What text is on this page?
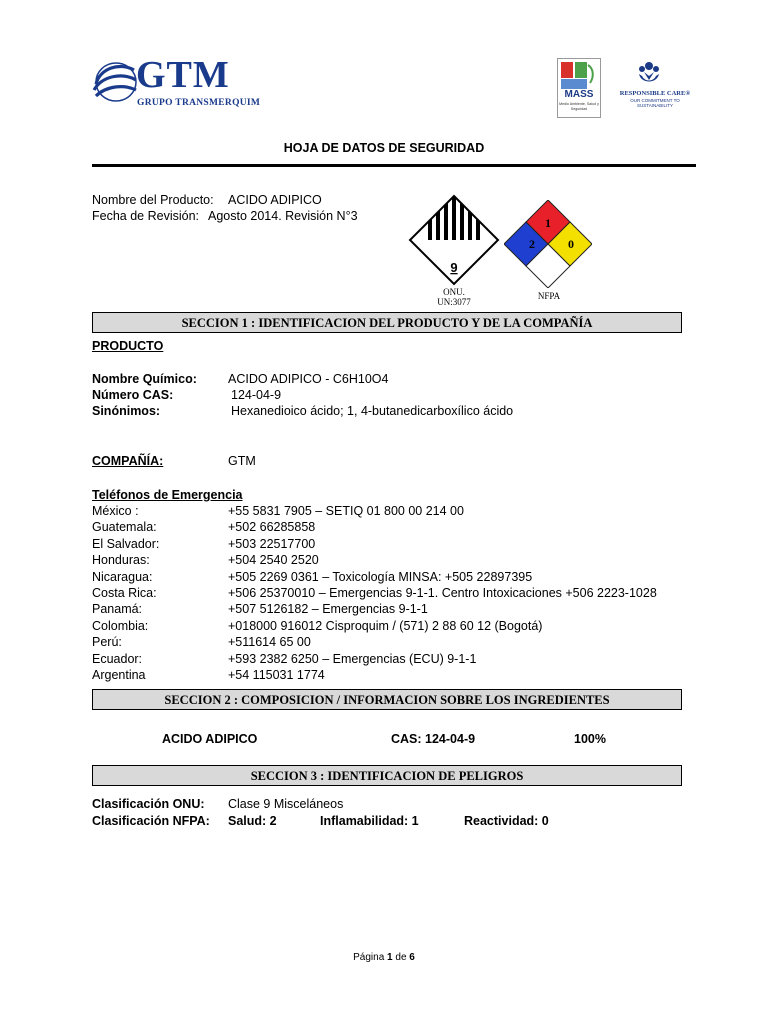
GTM
GRUPO TRANSMERQUIM
MASS
Medio Ambiente, Salud y Seguridad
RESPONSIBLE CARE®
OUR COMMITMENT TO SUSTAINABILITY
HOJA DE DATOS DE SEGURIDAD
Nombre del Producto: ACIDO ADIPICO
Fecha de Revisión: Agosto 2014. Revisión N°3
9
ONU.
UN:3077
1
2	0
NFPA
SECCION 1 : IDENTIFICACION DEL PRODUCTO Y DE LA COMPAÑÍA
PRODUCTO
Nombre Químico: ACIDO ADIPICO - C6H10O4
Número CAS:	124-04-9
Sinónimos:	Hexanedioico ácido; 1, 4-butanedicarboxílico ácido
COMPAÑÍA:	GTM
Teléfonos de Emergencia
México :	+55 5831 7905 – SETIQ 01 800 00 214 00
Guatemala:	+502 66285858
El Salvador:	+503 22517700
Honduras:	+504 2540 2520
Nicaragua:	+505 2269 0361 – Toxicología MINSA: +505 22897395
Costa Rica:	+506 25370010 – Emergencias 9-1-1. Centro Intoxicaciones +506 2223-1028
Panamá:	+507 5126182 – Emergencias 9-1-1
Colombia:	+018000 916012 Cisproquim / (571) 2 88 60 12 (Bogotá)
Perú:	+511614 65 00
Ecuador:	+593 2382 6250 – Emergencias (ECU) 9-1-1
Argentina	+54 115031 1774
SECCION 2 : COMPOSICION / INFORMACION SOBRE LOS INGREDIENTES
ACIDO ADIPICO	CAS: 124-04-9	100%
SECCION 3 : IDENTIFICACION DE PELIGROS
Clasificación ONU: Clase 9 Misceláneos
Clasificación NFPA: Salud: 2	Inflamabilidad: 1	Reactividad: 0
Página 1 de 6
